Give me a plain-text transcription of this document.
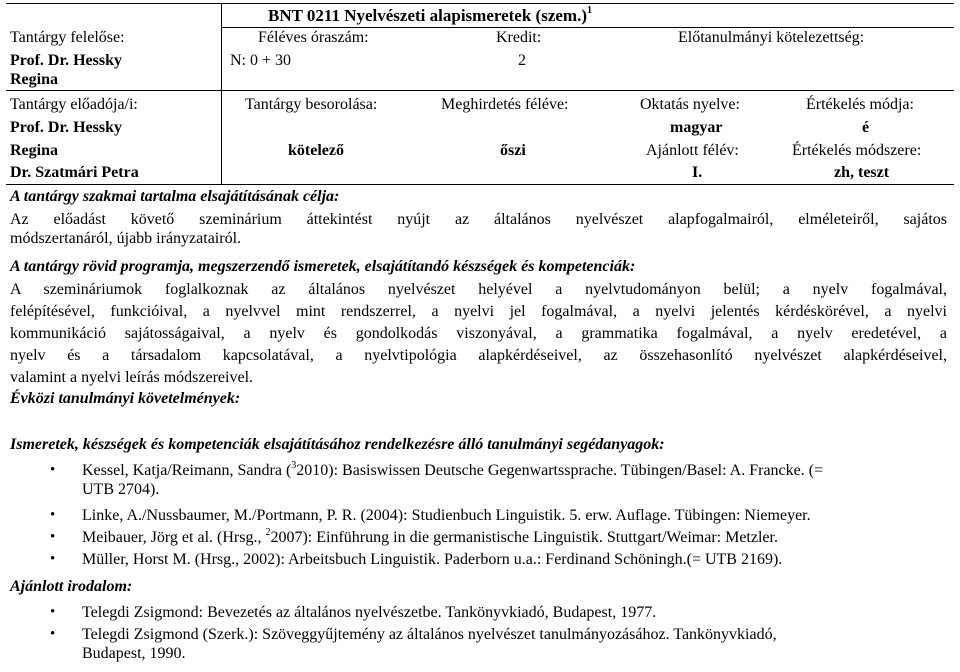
BNT 0211 Nyelvészeti alapismeretek (szem.)$^1$
Tantárgy felelőse:
Prof. Dr. Hessky
Regina
Féléves óraszám:
N: 0 + 30
Kredit:
2
Előtanulmányi kötelezettség:
Tantárgy előadója/i:
Prof. Dr. Hessky
Regina
Dr. Szatmári Petra
Tantárgy besorolása:
kötelező
Meghirdetés féléve:
őszi
Oktatás nyelve:
magyar
Ajánlott félév:
I.
Értékelés módja:
é
Értékelés módszere:
zh, teszt
A tantárgy szakmai tartalma elsajátításának célja:
Az előadást követő szeminárium áttekintést nyújt az általános nyelvészet alapfogalmairól, elméleteiről, sajátos
módszertanáról, újabb irányzatairól.
A tantárgy rövid programja, megszerzendő ismeretek, elsajátítandó készségek és kompetenciák:
A szemináriumok foglalkoznak az általános nyelvészet helyével a nyelvtudományon belül; a nyelv fogalmával,
felépítésével, funkcióival, a nyelvvel mint rendszerrel, a nyelvi jel fogalmával, a nyelvi jelentés kérdéskörével, a nyelvi
kommunikáció sajátosságaival, a nyelv és gondolkodás viszonyával, a grammatika fogalmával, a nyelv eredetével, a
nyelv és a társadalom kapcsolatával, a nyelvtipológia alapkérdéseivel, az összehasonlító nyelvészet alapkérdéseivel,
valamint a nyelvi leírás módszereivel.
Évközi tanulmányi követelmények:
Ismeretek, készségek és kompetenciák elsajátításához rendelkezésre álló tanulmányi segédanyagok:
• Kessel, Katja/Reimann, Sandra ($^3$2010): Basiswissen Deutsche Gegenwartssprache. Tübingen/Basel: A. Francke. (=
UTB 2704).
• Linke, A./Nussbaumer, M./Portmann, P. R. (2004): Studienbuch Linguistik. 5. erw. Auflage. Tübingen: Niemeyer.
• Meibauer, Jörg et al. (Hrsg., $^2$2007): Einführung in die germanistische Linguistik. Stuttgart/Weimar: Metzler.
• Müller, Horst M. (Hrsg., 2002): Arbeitsbuch Linguistik. Paderborn u.a.: Ferdinand Schöningh.(= UTB 2169).
Ajánlott irodalom:
• Telegdi Zsigmond: Bevezetés az általános nyelvészetbe. Tankönyvkiadó, Budapest, 1977.
• Telegdi Zsigmond (Szerk.): Szöveggyűjtemény az általános nyelvészet tanulmányozásához. Tankönyvkiadó,
Budapest, 1990.
